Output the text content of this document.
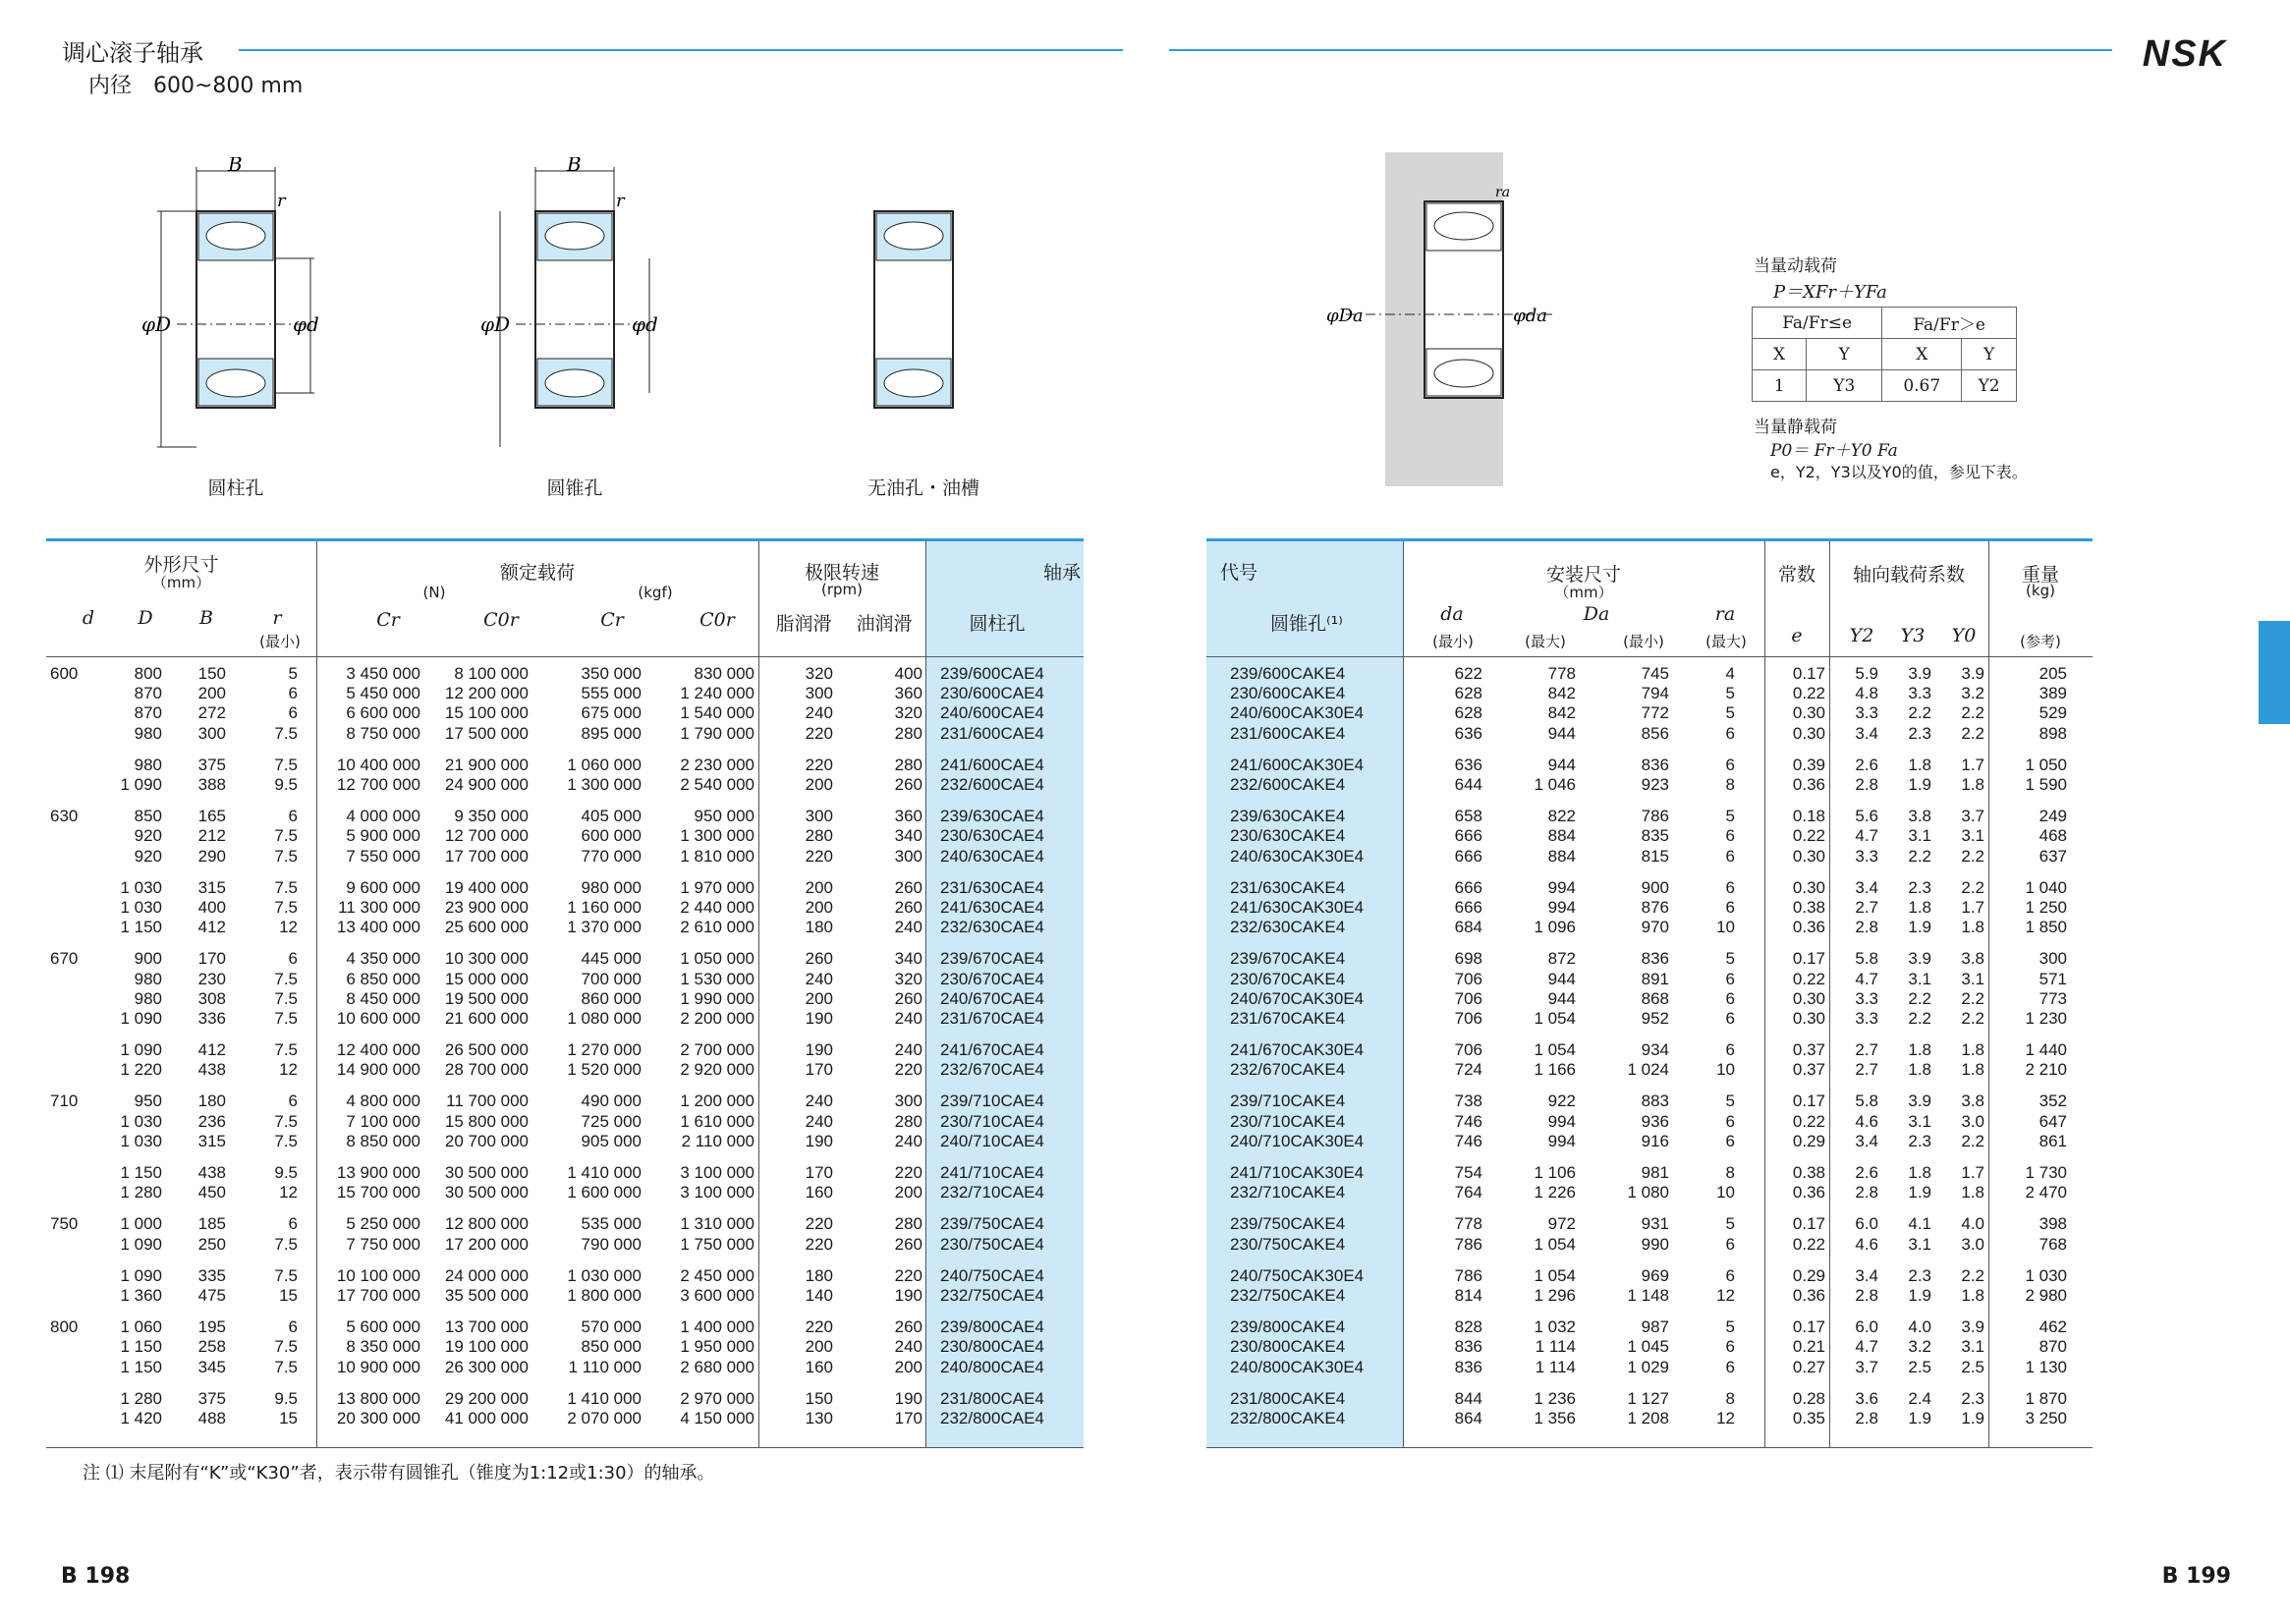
调心滚子轴承
内径　600~800 mm
NSK
B
r
φD	φd
圆柱孔
B
r
φD	φd
圆锥孔	无油孔・油槽
φDa	φda
ra
当量动载荷
P＝XFr＋YFa
Fa/Fr≤e		Fa/Fr＞e	
X	Y	X	Y
1	Y3	0.67	Y2
当量静载荷
P0＝ Fr＋Y0 Fa
e，Y2，Y3以及Y0的值，参见下表。
外形尺寸
（mm）	额定载荷
(N)	(kgf)
极限转速
(rpm)
轴承
d	D	B	r
(最小)
Cr	C0r	Cr	C0r	脂润滑	油润滑	圆柱孔
代号
圆锥孔⁽¹⁾
安装尺寸
（mm）
da	Da	ra
(最小)	(最大)	(最小)	(最大)
常数
e
轴向载荷系数
Y2	Y3	Y0
重量
(kg)
(参考)
600	800	150	5		3 450 000	8 100 000	350 000	830 000	320	400	239/600CAE4
	870	200	6		5 450 000	12 200 000	555 000	1 240 000	300	360	230/600CAE4
	870	272	6		6 600 000	15 100 000	675 000	1 540 000	240	320	240/600CAE4
	980	300	7.5		8 750 000	17 500 000	895 000	1 790 000	220	280	231/600CAE4

	980	375	7.5		10 400 000	21 900 000	1 060 000	2 230 000	220	280	241/600CAE4
	1 090	388	9.5		12 700 000	24 900 000	1 300 000	2 540 000	200	260	232/600CAE4

630	850	165	6		4 000 000	9 350 000	405 000	950 000	300	360	239/630CAE4
	920	212	7.5		5 900 000	12 700 000	600 000	1 300 000	280	340	230/630CAE4
	920	290	7.5		7 550 000	17 700 000	770 000	1 810 000	220	300	240/630CAE4

	1 030	315	7.5		9 600 000	19 400 000	980 000	1 970 000	200	260	231/630CAE4
	1 030	400	7.5		11 300 000	23 900 000	1 160 000	2 440 000	200	260	241/630CAE4
	1 150	412	12		13 400 000	25 600 000	1 370 000	2 610 000	180	240	232/630CAE4

670	900	170	6		4 350 000	10 300 000	445 000	1 050 000	260	340	239/670CAE4
	980	230	7.5		6 850 000	15 000 000	700 000	1 530 000	240	320	230/670CAE4
	980	308	7.5		8 450 000	19 500 000	860 000	1 990 000	200	260	240/670CAE4
	1 090	336	7.5		10 600 000	21 600 000	1 080 000	2 200 000	190	240	231/670CAE4

	1 090	412	7.5		12 400 000	26 500 000	1 270 000	2 700 000	190	240	241/670CAE4
	1 220	438	12		14 900 000	28 700 000	1 520 000	2 920 000	170	220	232/670CAE4

710	950	180	6		4 800 000	11 700 000	490 000	1 200 000	240	300	239/710CAE4
	1 030	236	7.5		7 100 000	15 800 000	725 000	1 610 000	240	280	230/710CAE4
	1 030	315	7.5		8 850 000	20 700 000	905 000	2 110 000	190	240	240/710CAE4

	1 150	438	9.5		13 900 000	30 500 000	1 410 000	3 100 000	170	220	241/710CAE4
	1 280	450	12		15 700 000	30 500 000	1 600 000	3 100 000	160	200	232/710CAE4

750	1 000	185	6		5 250 000	12 800 000	535 000	1 310 000	220	280	239/750CAE4
	1 090	250	7.5		7 750 000	17 200 000	790 000	1 750 000	220	260	230/750CAE4

	1 090	335	7.5		10 100 000	24 000 000	1 030 000	2 450 000	180	220	240/750CAE4
	1 360	475	15		17 700 000	35 500 000	1 800 000	3 600 000	140	190	232/750CAE4

800	1 060	195	6		5 600 000	13 700 000	570 000	1 400 000	220	260	239/800CAE4
	1 150	258	7.5		8 350 000	19 100 000	850 000	1 950 000	200	240	230/800CAE4
	1 150	345	7.5		10 900 000	26 300 000	1 110 000	2 680 000	160	200	240/800CAE4

	1 280	375	9.5		13 800 000	29 200 000	1 410 000	2 970 000	150	190	231/800CAE4
	1 420	488	15		20 300 000	41 000 000	2 070 000	4 150 000	130	170	232/800CAE4
239/600CAKE4	622	778	745	4	0.17	5.9	3.9	3.9	205
230/600CAKE4	628	842	794	5	0.22	4.8	3.3	3.2	389
240/600CAK30E4	628	842	772	5	0.30	3.3	2.2	2.2	529
231/600CAKE4	636	944	856	6	0.30	3.4	2.3	2.2	898

241/600CAK30E4	636	944	836	6	0.39	2.6	1.8	1.7	1 050
232/600CAKE4	644	1 046	923	8	0.36	2.8	1.9	1.8	1 590

239/630CAKE4	658	822	786	5	0.18	5.6	3.8	3.7	249
230/630CAKE4	666	884	835	6	0.22	4.7	3.1	3.1	468
240/630CAK30E4	666	884	815	6	0.30	3.3	2.2	2.2	637

231/630CAKE4	666	994	900	6	0.30	3.4	2.3	2.2	1 040
241/630CAK30E4	666	994	876	6	0.38	2.7	1.8	1.7	1 250
232/630CAKE4	684	1 096	970	10	0.36	2.8	1.9	1.8	1 850

239/670CAKE4	698	872	836	5	0.17	5.8	3.9	3.8	300
230/670CAKE4	706	944	891	6	0.22	4.7	3.1	3.1	571
240/670CAK30E4	706	944	868	6	0.30	3.3	2.2	2.2	773
231/670CAKE4	706	1 054	952	6	0.30	3.3	2.2	2.2	1 230

241/670CAK30E4	706	1 054	934	6	0.37	2.7	1.8	1.8	1 440
232/670CAKE4	724	1 166	1 024	10	0.37	2.7	1.8	1.8	2 210

239/710CAKE4	738	922	883	5	0.17	5.8	3.9	3.8	352
230/710CAKE4	746	994	936	6	0.22	4.6	3.1	3.0	647
240/710CAK30E4	746	994	916	6	0.29	3.4	2.3	2.2	861

241/710CAK30E4	754	1 106	981	8	0.38	2.6	1.8	1.7	1 730
232/710CAKE4	764	1 226	1 080	10	0.36	2.8	1.9	1.8	2 470

239/750CAKE4	778	972	931	5	0.17	6.0	4.1	4.0	398
230/750CAKE4	786	1 054	990	6	0.22	4.6	3.1	3.0	768

240/750CAK30E4	786	1 054	969	6	0.29	3.4	2.3	2.2	1 030
232/750CAKE4	814	1 296	1 148	12	0.36	2.8	1.9	1.8	2 980

239/800CAKE4	828	1 032	987	5	0.17	6.0	4.0	3.9	462
230/800CAKE4	836	1 114	1 045	6	0.21	4.7	3.2	3.1	870
240/800CAK30E4	836	1 114	1 029	6	0.27	3.7	2.5	2.5	1 130

231/800CAKE4	844	1 236	1 127	8	0.28	3.6	2.4	2.3	1 870
232/800CAKE4	864	1 356	1 208	12	0.35	2.8	1.9	1.9	3 250
注 ⑴ 末尾附有“K”或“K30”者，表示带有圆锥孔（锥度为1:12或1:30）的轴承。
B 198	B 199
